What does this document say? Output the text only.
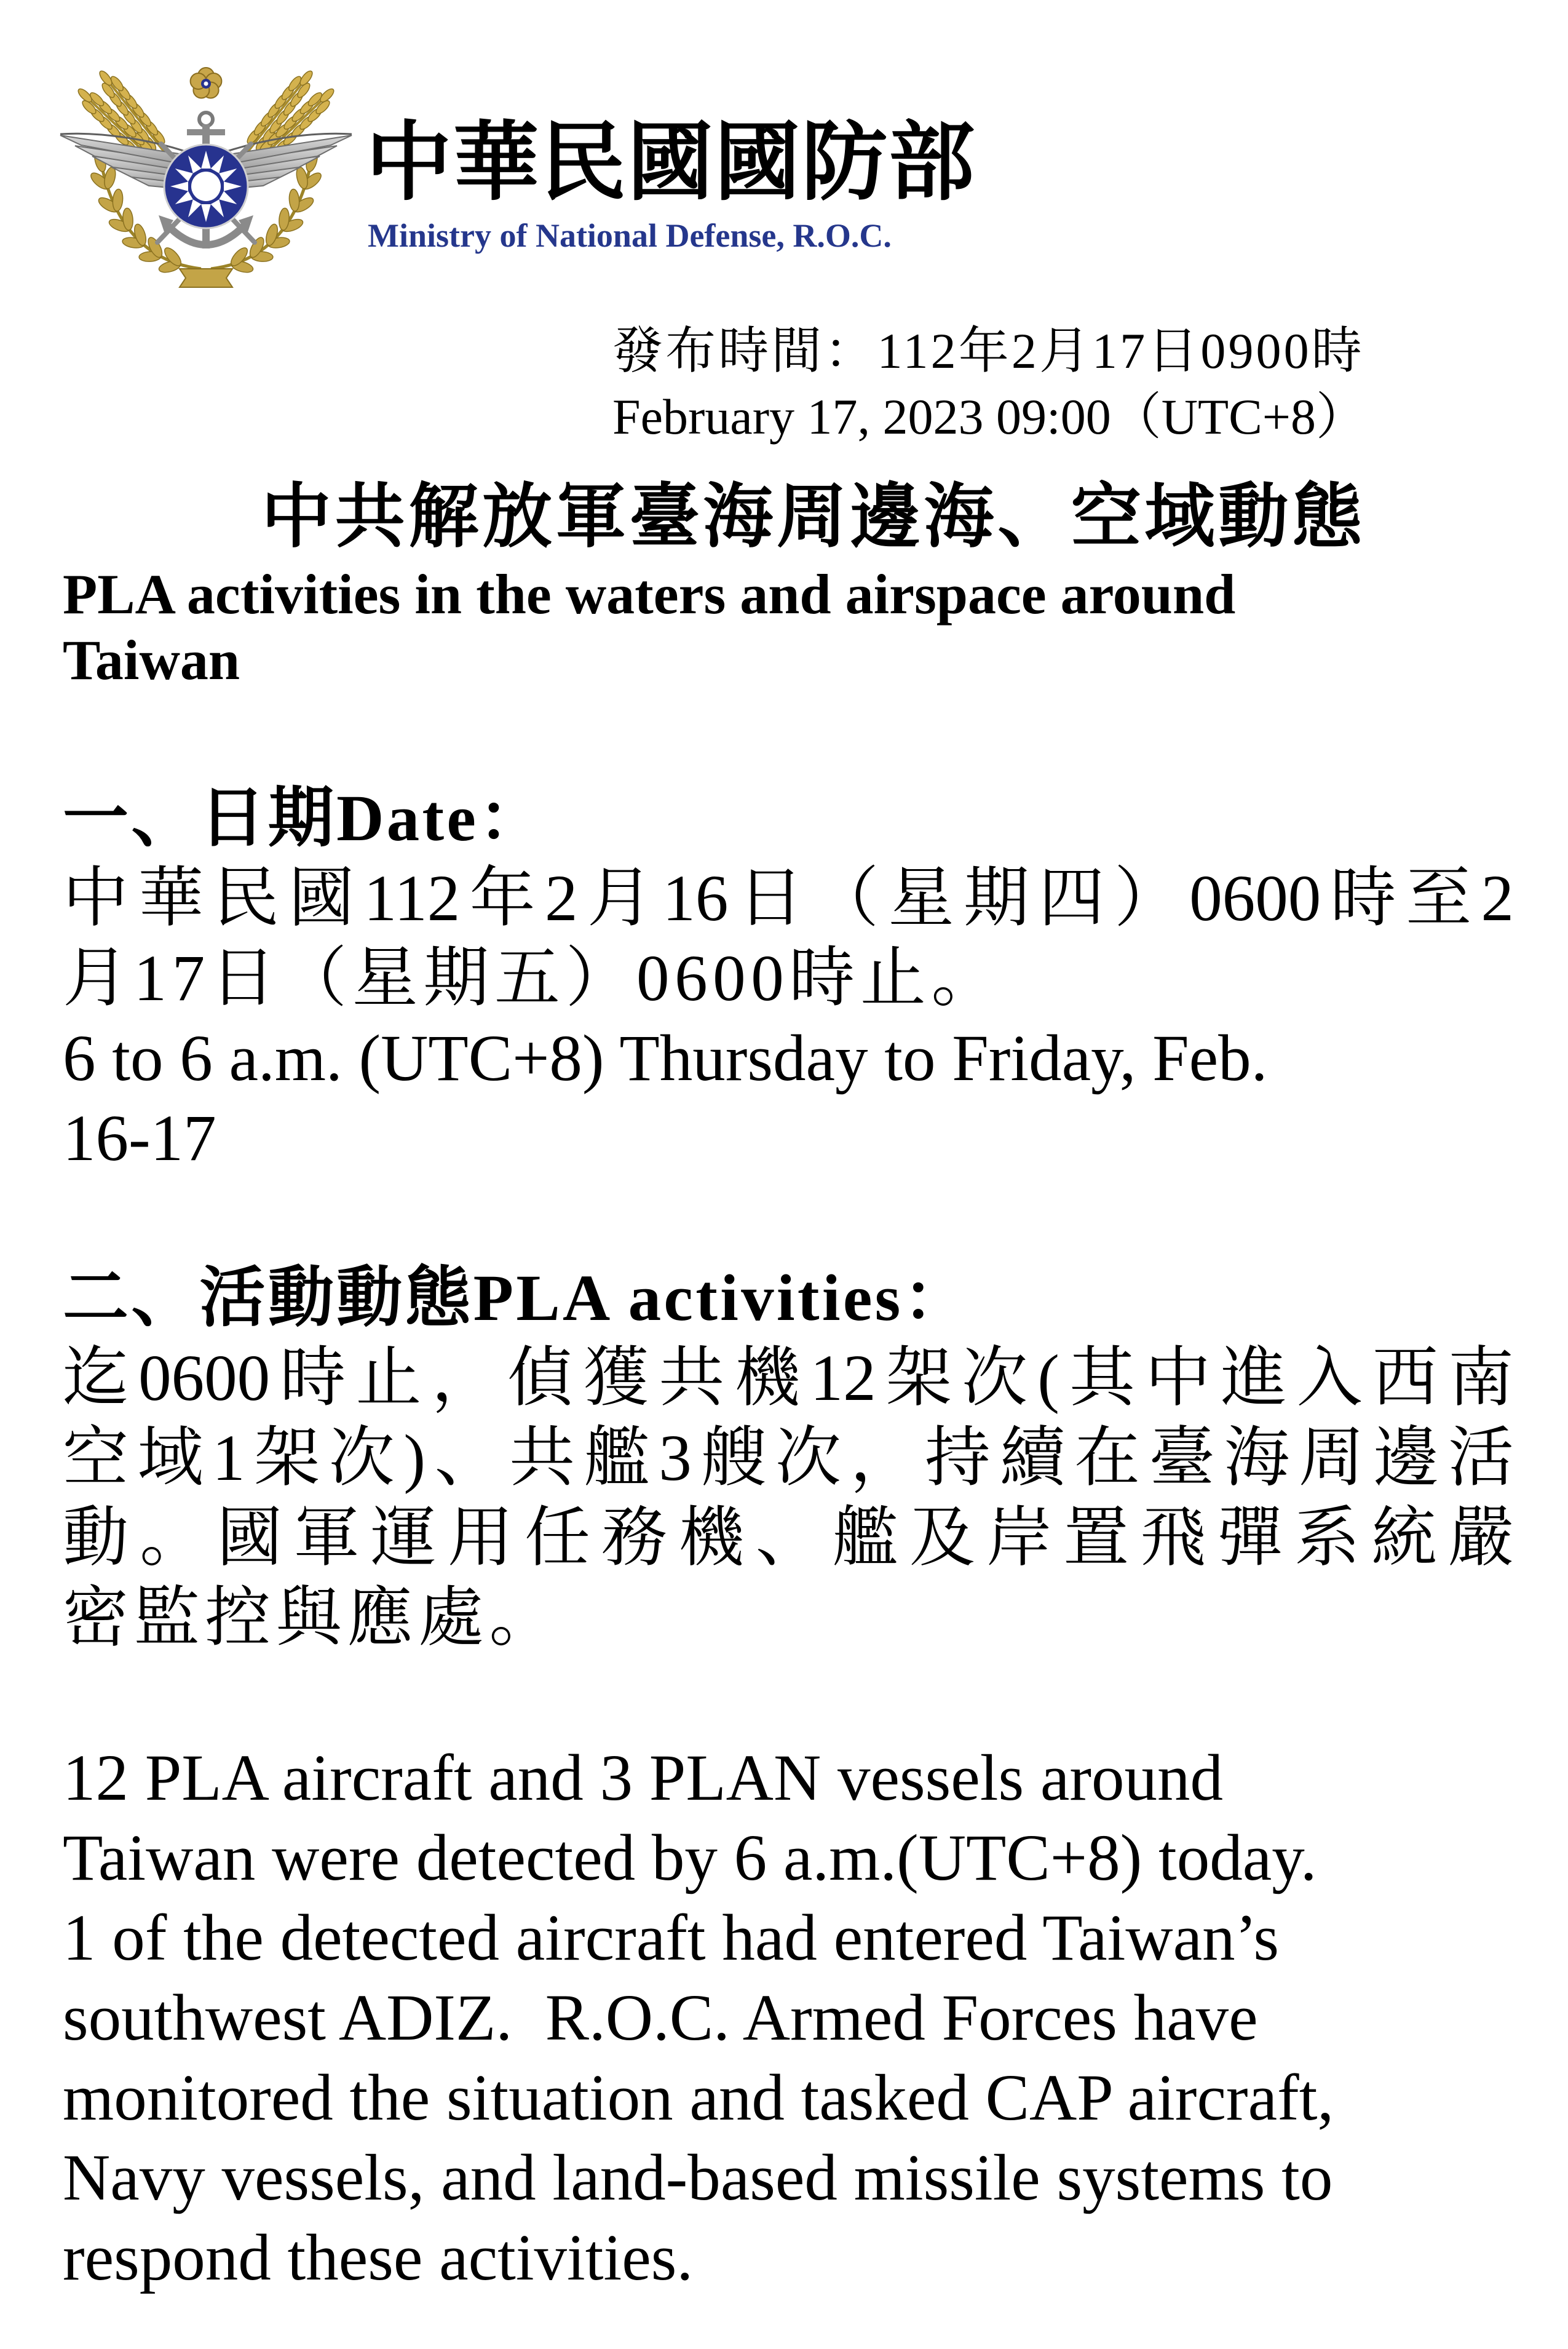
中華民國國防部
Ministry of National Defense, R.O.C.
發布時間：112年2月17日0900時
February 17, 2023 09:00（UTC+8）
中共解放軍臺海周邊海、空域動態
PLA activities in the waters and airspace around
Taiwan
一、日期Date：
中華民國112年2月16日（星期四）0600時至2
月17日（星期五）0600時止。
6 to 6 a.m. (UTC+8) Thursday to Friday, Feb.
16-17
二、活動動態PLA activities：
迄0600時止，偵獲共機12架次(其中進入西南
空域1架次)、共艦3艘次，持續在臺海周邊活
動。國軍運用任務機、艦及岸置飛彈系統嚴
密監控與應處。
12 PLA aircraft and 3 PLAN vessels around
Taiwan were detected by 6 a.m.(UTC+8) today.
1 of the detected aircraft had entered Taiwan’s
southwest ADIZ.  R.O.C. Armed Forces have
monitored the situation and tasked CAP aircraft,
Navy vessels, and land-based missile systems to
respond these activities.
